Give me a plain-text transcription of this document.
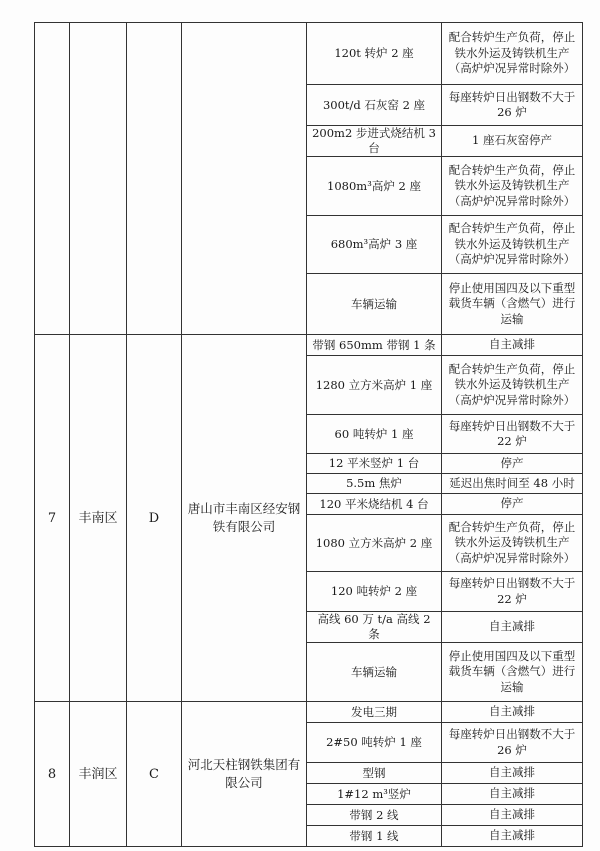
				120t 转炉 2 座	配合转炉生产负荷，停止铁水外运及铸铁机生产（高炉炉况异常时除外）
				300t/d 石灰窑 2 座	每座转炉日出钢数不大于 26 炉
				200m2 步进式烧结机 3 台	1 座石灰窑停产
				1080m³高炉 2 座	配合转炉生产负荷，停止铁水外运及铸铁机生产（高炉炉况异常时除外）
				680m³高炉 3 座	配合转炉生产负荷，停止铁水外运及铸铁机生产（高炉炉况异常时除外）
				车辆运输	停止使用国四及以下重型载货车辆（含燃气）进行运输
7	丰南区	D	唐山市丰南区经安钢铁有限公司	带钢 650mm 带钢 1 条	自主减排
				1280 立方米高炉 1 座	配合转炉生产负荷，停止铁水外运及铸铁机生产（高炉炉况异常时除外）
				60 吨转炉 1 座	每座转炉日出钢数不大于 22 炉
				12 平米竖炉 1 台	停产
				5.5m 焦炉	延迟出焦时间至 48 小时
				120 平米烧结机 4 台	停产
				1080 立方米高炉 2 座	配合转炉生产负荷，停止铁水外运及铸铁机生产（高炉炉况异常时除外）
				120 吨转炉 2 座	每座转炉日出钢数不大于 22 炉
				高线 60 万 t/a 高线 2 条	自主减排
				车辆运输	停止使用国四及以下重型载货车辆（含燃气）进行运输
8	丰润区	C	河北天柱钢铁集团有限公司	发电三期	自主减排
				2#50 吨转炉 1 座	每座转炉日出钢数不大于 26 炉
				型钢	自主减排
				1#12 m³竖炉	自主减排
				带钢 2 线	自主减排
				带钢 1 线	自主减排
